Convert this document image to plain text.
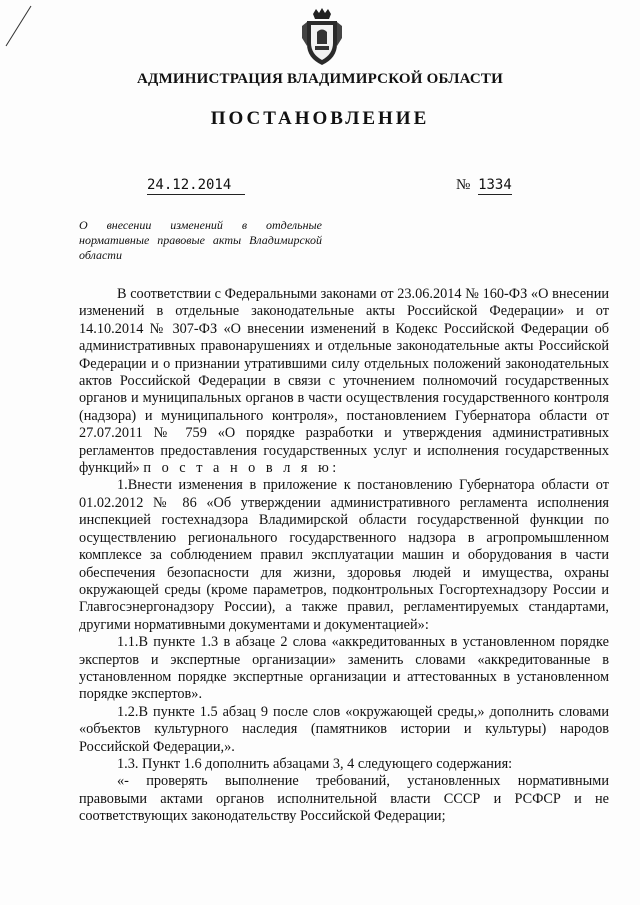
АДМИНИСТРАЦИЯ ВЛАДИМИРСКОЙ ОБЛАСТИ
ПОСТАНОВЛЕНИЕ
24.12.2014	№ 1334
О внесении изменений в отдельные нормативные правовые акты Владимирской области

В соответствии с Федеральными законами от 23.06.2014 № 160-ФЗ «О внесении изменений в отдельные законодательные акты Российской Федерации» и от 14.10.2014 № 307-ФЗ «О внесении изменений в Кодекс Российской Федерации об административных правонарушениях и отдельные законодательные акты Российской Федерации и о признании утратившими силу отдельных положений законодательных актов Российской Федерации в связи с уточнением полномочий государственных органов и муниципальных органов в части осуществления государственного контроля (надзора) и муниципального контроля», постановлением Губернатора области от 27.07.2011 № 759 «О порядке разработки и утверждения административных регламентов предоставления государственных услуг и исполнения государственных функций» п о с т а н о в л я ю:

1.Внести изменения в приложение к постановлению Губернатора области от 01.02.2012 № 86 «Об утверждении административного регламента исполнения инспекцией гостехнадзора Владимирской области государственной функции по осуществлению регионального государственного надзора в агропромышленном комплексе за соблюдением правил эксплуатации машин и оборудования в части обеспечения безопасности для жизни, здоровья людей и имущества, охраны окружающей среды (кроме параметров, подконтрольных Госгортехнадзору России и Главгосэнергонадзору России), а также правил, регламентируемых стандартами, другими нормативными документами и документацией»:

1.1.В пункте 1.3 в абзаце 2 слова «аккредитованных в установленном порядке экспертов и экспертные организации» заменить словами «аккредитованные в установленном порядке экспертные организации и аттестованных в установленном порядке экспертов».

1.2.В пункте 1.5 абзац 9 после слов «окружающей среды,» дополнить словами «объектов культурного наследия (памятников истории и культуры) народов Российской Федерации,».

1.3. Пункт 1.6 дополнить абзацами 3, 4 следующего содержания:

«- проверять выполнение требований, установленных нормативными правовыми актами органов исполнительной власти СССР и РСФСР и не соответствующих законодательству Российской Федерации;
